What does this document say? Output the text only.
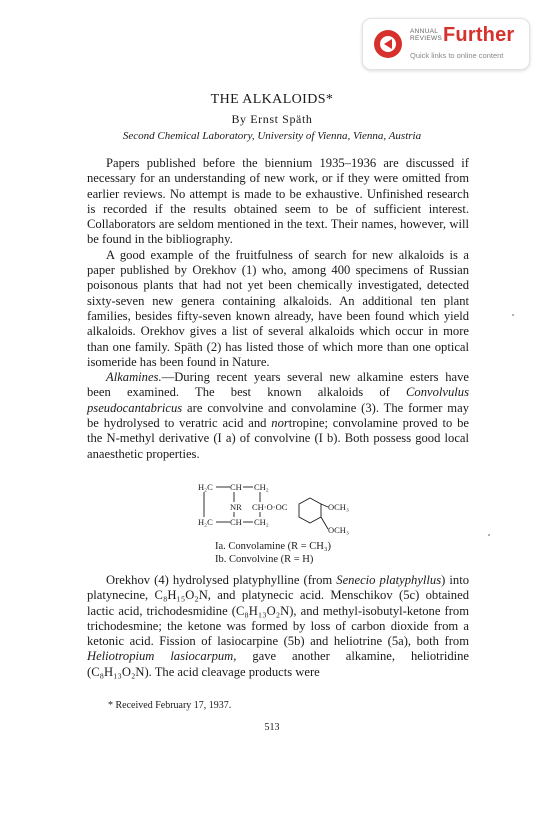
ANNUAL
REVIEWS Further
Quick links to online content
THE ALKALOIDS*
By Ernst Späth
Second Chemical Laboratory, University of Vienna, Vienna, Austria

Papers published before the biennium 1935–1936 are discussed if necessary for an understanding of new work, or if they were omitted from earlier reviews. No attempt is made to be exhaustive. Unfinished research is recorded if the results obtained seem to be of sufficient interest. Collaborators are seldom mentioned in the text. Their names, however, will be found in the bibliography.

A good example of the fruitfulness of search for new alkaloids is a paper published by Orekhov (1) who, among 400 specimens of Russian poisonous plants that had not yet been chemically investigated, detected sixty-seven new genera containing alkaloids. An additional ten plant families, besides fifty-seven known already, have been found which yield alkaloids. Orekhov gives a list of several alkaloids which occur in more than one family. Späth (2) has listed those of which more than one optical isomeride has been found in Nature.

Alkamines.—During recent years several new alkamine esters have been examined. The best known alkaloids of Convolvulus pseudocantabricus are convolvine and convolamine (3). The former may be hydrolysed to veratric acid and nortropine; convolamine proved to be the N-methyl derivative (I a) of convolvine (I b). Both possess good local anaesthetic properties.

H₂C CH CH₂
NR CH·O·OC
H₂C CH CH₂
OCH₃
OCH₃
Ia. Convolamine (R = CH₃)
Ib. Convolvine (R = H)

Orekhov (4) hydrolysed platyphylline (from Senecio platyphyllus) into platynecine, C₈H₁₅O₂N, and platynecic acid. Menschikov (5c) obtained lactic acid, trichodesmidine (C₈H₁₃O₂N), and methyl-isobutyl-ketone from trichodesmine; the ketone was formed by loss of carbon dioxide from a ketonic acid. Fission of lasiocarpine (5b) and heliotrine (5a), both from Heliotropium lasiocarpum, gave another alkamine, heliotridine (C₈H₁₃O₂N). The acid cleavage products were

* Received February 17, 1937.
513
